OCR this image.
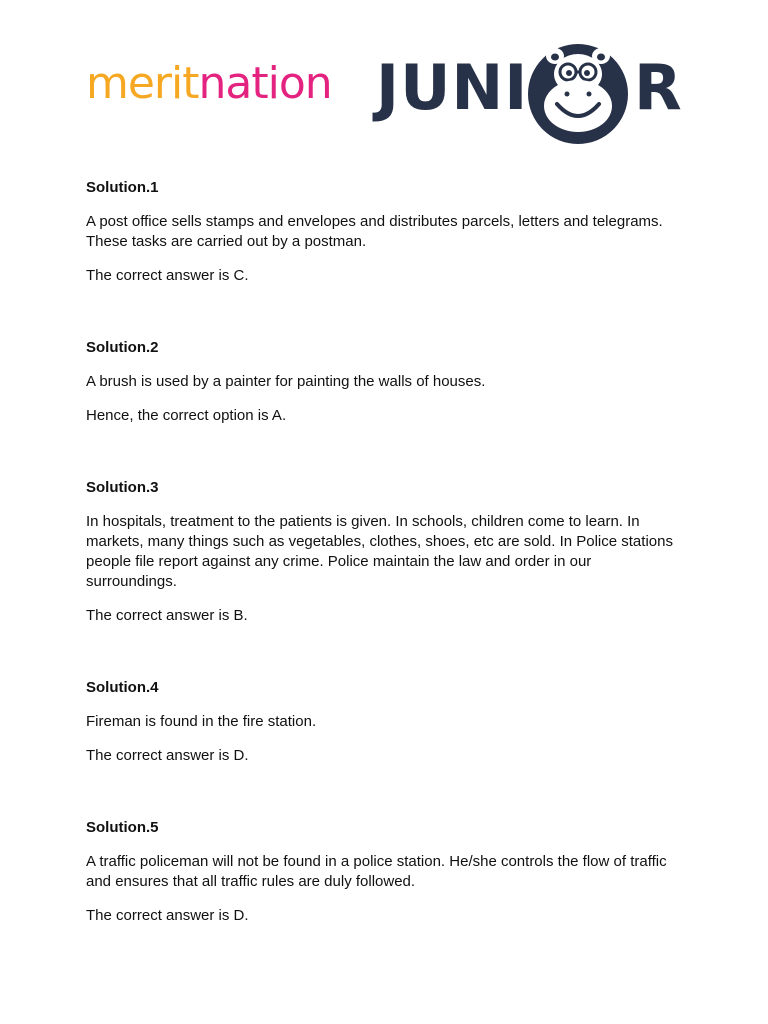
meritnation JUNI R
Solution.1
A post office sells stamps and envelopes and distributes parcels, letters and telegrams. These tasks are carried out by a postman.
The correct answer is C.
Solution.2
A brush is used by a painter for painting the walls of houses.
Hence, the correct option is A.
Solution.3
In hospitals, treatment to the patients is given. In schools, children come to learn. In markets, many things such as vegetables, clothes, shoes, etc are sold. In Police stations people file report against any crime. Police maintain the law and order in our surroundings.
The correct answer is B.
Solution.4
Fireman is found in the fire station.
The correct answer is D.
Solution.5
A traffic policeman will not be found in a police station. He/she controls the flow of traffic and ensures that all traffic rules are duly followed.
The correct answer is D.
